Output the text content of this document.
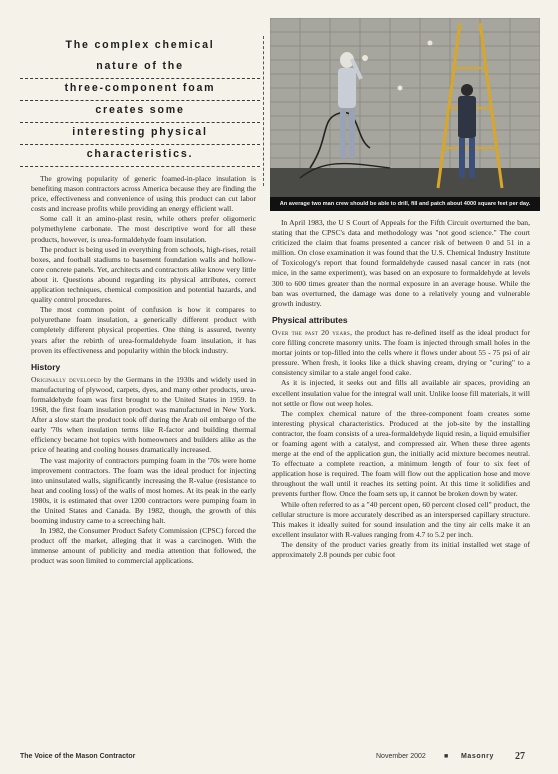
The complex chemical
nature of the
three-component foam
creates some
interesting physical
characteristics.
An average two man crew should be able to drill, fill and patch about 4000 square feet per day.

The growing popularity of generic foamed-in-place insulation is benefiting mason contractors across America because they are finding the price, effectiveness and convenience of using this product can cut labor costs and increase profits while providing an energy efficient wall.

Some call it an amino-plast resin, while others prefer oligomeric polymethylene carbonate. The most descriptive word for all these products, however, is urea-formaldehyde foam insulation.

The product is being used in everything from schools, high-rises, retail boxes, and football stadiums to basement foundation walls and hollow-core concrete panels. Yet, architects and contractors alike know very little about it. Questions abound regarding its physical attributes, correct application techniques, chemical composition and potential hazards, and quality control procedures.

The most common point of confusion is how it compares to polyurethane foam insulation, a generically different product with completely different physical properties. One thing is assured, twenty years after the rebirth of urea-formaldehyde foam insulation, it has proven its effectiveness and popularity within the block industry.

History

Originally developed by the Germans in the 1930s and widely used in manufacturing of plywood, carpets, dyes, and many other products, urea-formaldehyde foam was first brought to the United States in 1959. In 1968, the first foam insulation product was manufactured in New York. After a slow start the product took off during the Arab oil embargo of the early '70s when insulation terms like R-factor and building thermal efficiency became hot topics with homeowners and builders alike as the price of heating and cooling houses dramatically increased.

The vast majority of contractors pumping foam in the '70s were home improvement contractors. The foam was the ideal product for injecting into uninsulated walls, significantly increasing the R-value (resistance to heat and cooling loss) of the walls of most homes. At its peak in the early 1980s, it is estimated that over 1200 contractors were pumping foam in the United States and Canada. By 1982, though, the growth of this booming industry came to a screeching halt.

In 1982, the Consumer Product Safety Commission (CPSC) forced the product off the market, alleging that it was a carcinogen. With the immense amount of publicity and media attention that followed, the product was soon limited to commercial applications.

In April 1983, the U S Court of Appeals for the Fifth Circuit overturned the ban, stating that the CPSC's data and methodology was "not good science." The court criticized the claim that foams presented a cancer risk of between 0 and 51 in a million. On close examination it was found that the U.S. Chemical Industry Institute of Toxicology's report that found formaldehyde caused nasal cancer in rats (not mice, in the same experiment), was based on an exposure to formaldehyde at levels 300 to 600 times greater than the normal exposure in an average house. While the ban was overturned, the damage was done to a relatively young and vulnerable growth industry.

Physical attributes

Over the past 20 years, the product has re-defined itself as the ideal product for core filling concrete masonry units. The foam is injected through small holes in the mortar joints or top-filled into the cells where it flows under about 55 - 75 psi of air pressure. When fresh, it looks like a thick shaving cream, drying or "curing" to a consistency similar to a stale angel food cake.

As it is injected, it seeks out and fills all available air spaces, providing an excellent insulation value for the integral wall unit. Unlike loose fill materials, it will not settle or flow out weep holes.

The complex chemical nature of the three-component foam creates some interesting physical characteristics. Produced at the job-site by the installing contractor, the foam consists of a urea-formaldehyde liquid resin, a liquid emulsifier or foaming agent with a catalyst, and compressed air. When these three agents merge at the end of the application gun, the initially acid mixture becomes neutral. To effectuate a complete reaction, a minimum length of four to six feet of application hose is required. The foam will flow out the application hose and move throughout the wall until it reaches its setting point. At this time it solidifies and prevents further flow. Once the foam sets up, it cannot be broken down by water.

While often referred to as a "40 percent open, 60 percent closed cell" product, the cellular structure is more accurately described as an interspersed capillary structure. This makes it ideally suited for sound insulation and the tiny air cells make it an excellent insulator with R-values ranging from 4.7 to 5.2 per inch.

The density of the product varies greatly from its initial installed wet stage of approximately 2.8 pounds per cubic foot

The Voice of the Mason Contractor	November 2002	■ Masonry 27
